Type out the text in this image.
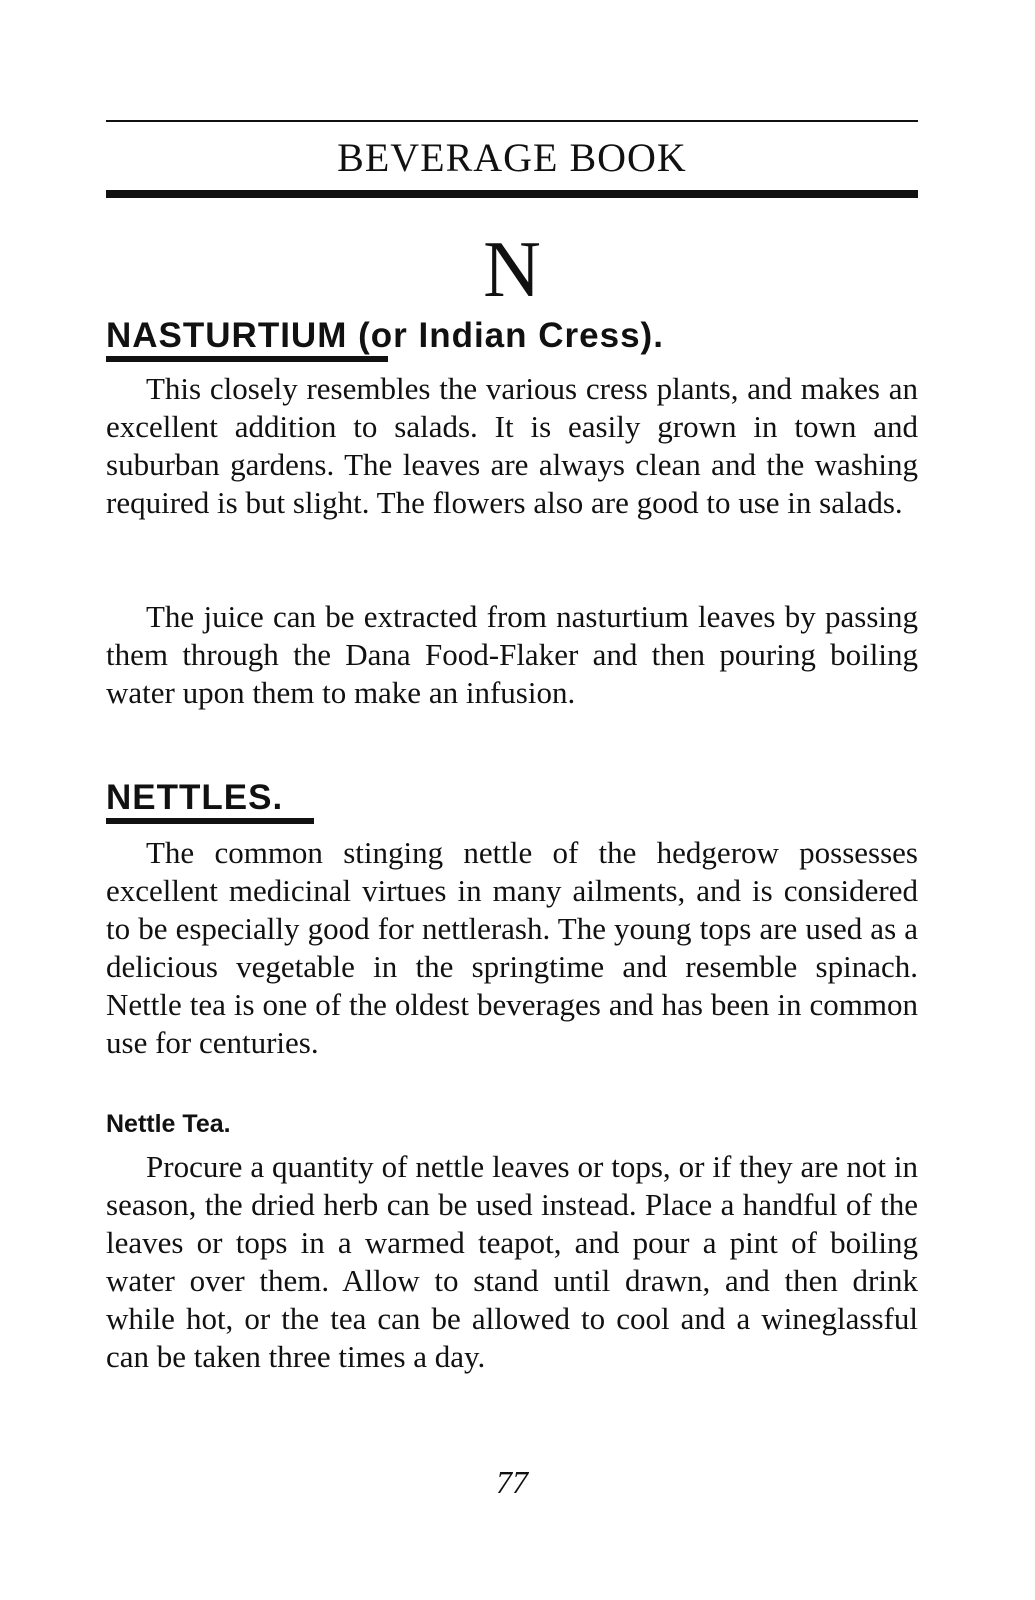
BEVERAGE BOOK
N
NASTURTIUM (or Indian Cress).
This closely resembles the various cress plants, and makes an excellent addition to salads. It is easily grown in town and suburban gardens. The leaves are always clean and the washing required is but slight. The flowers also are good to use in salads.
The juice can be extracted from nasturtium leaves by passing them through the Dana Food-Flaker and then pouring boiling water upon them to make an infusion.
NETTLES.
The common stinging nettle of the hedgerow possesses excellent medicinal virtues in many ailments, and is considered to be especially good for nettlerash. The young tops are used as a delicious vegetable in the springtime and resemble spinach. Nettle tea is one of the oldest beverages and has been in common use for centuries.
Nettle Tea.
Procure a quantity of nettle leaves or tops, or if they are not in season, the dried herb can be used instead. Place a handful of the leaves or tops in a warmed teapot, and pour a pint of boiling water over them. Allow to stand until drawn, and then drink while hot, or the tea can be allowed to cool and a wineglassful can be taken three times a day.
77
